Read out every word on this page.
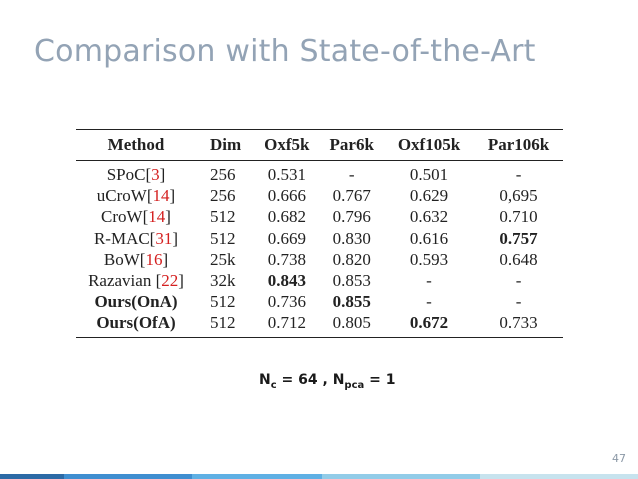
Comparison with State-of-the-Art
Method	Dim	Oxf5k	Par6k	Oxf105k	Par106k
SPoC[3]	256	0.531	-	0.501	-
uCroW[14]	256	0.666	0.767	0.629	0,695
CroW[14]	512	0.682	0.796	0.632	0.710
R-MAC[31]	512	0.669	0.830	0.616	0.757
BoW[16]	25k	0.738	0.820	0.593	0.648
Razavian [22]	32k	0.843	0.853	-	-
Ours(OnA)	512	0.736	0.855	-	-
Ours(OfA)	512	0.712	0.805	0.672	0.733
$N_c = 64$ , $N_{pca} = 1$
47
